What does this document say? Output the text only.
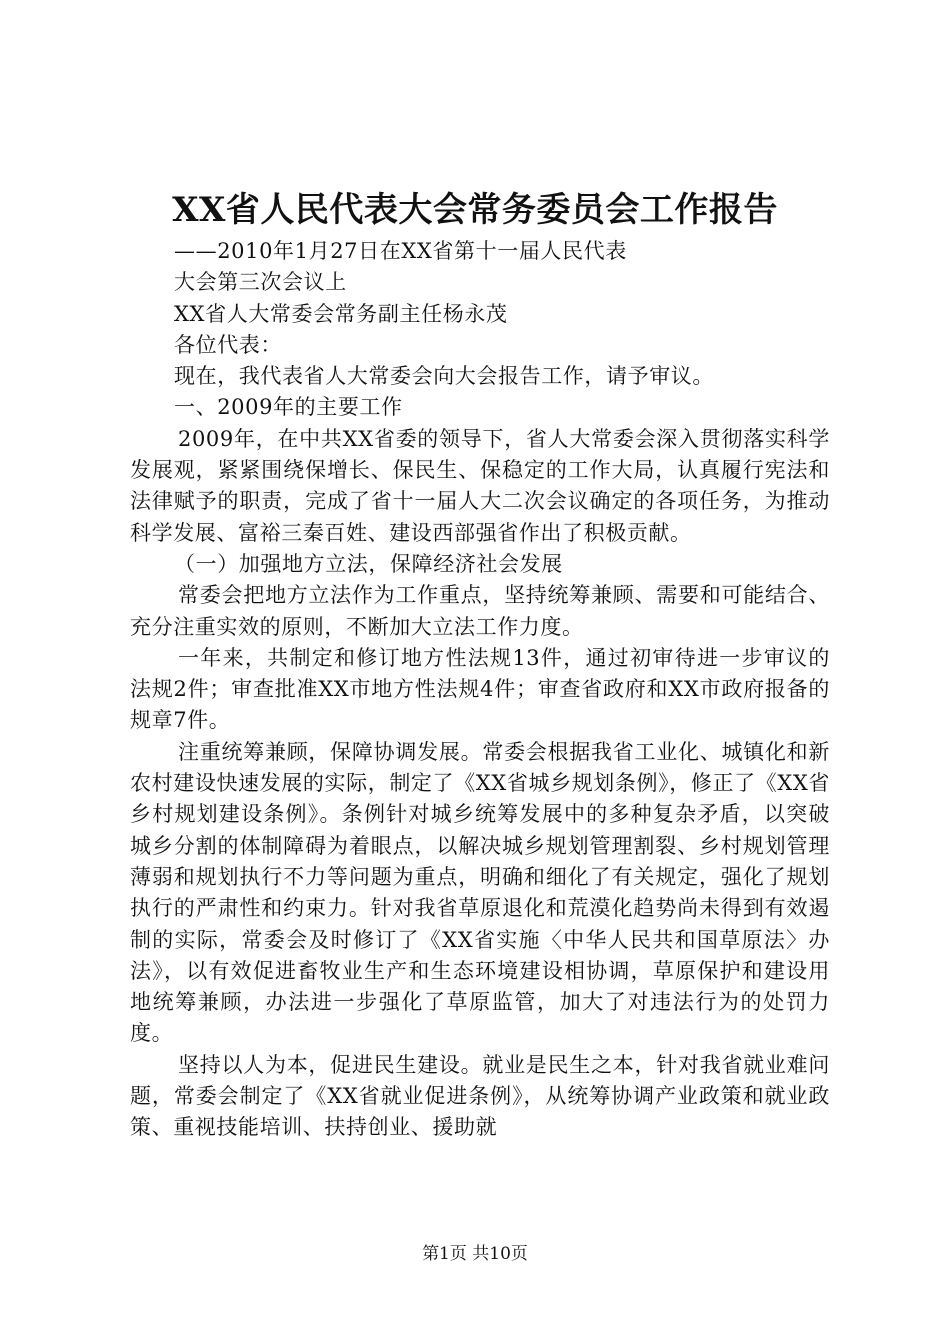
XX省人民代表大会常务委员会工作报告
——2010年1月27日在XX省第十一届人民代表
大会第三次会议上
XX省人大常委会常务副主任杨永茂
各位代表：
现在，我代表省人大常委会向大会报告工作，请予审议。
一、2009年的主要工作
2009年，在中共XX省委的领导下，省人大常委会深入贯彻落实科学发展观，紧紧围绕保增长、保民生、保稳定的工作大局，认真履行宪法和法律赋予的职责，完成了省十一届人大二次会议确定的各项任务，为推动科学发展、富裕三秦百姓、建设西部强省作出了积极贡献。
（一）加强地方立法，保障经济社会发展
常委会把地方立法作为工作重点，坚持统筹兼顾、需要和可能结合、充分注重实效的原则，不断加大立法工作力度。
一年来，共制定和修订地方性法规13件，通过初审待进一步审议的法规2件；审查批准XX市地方性法规4件；审查省政府和XX市政府报备的规章7件。
注重统筹兼顾，保障协调发展。常委会根据我省工业化、城镇化和新农村建设快速发展的实际，制定了《XX省城乡规划条例》，修正了《XX省乡村规划建设条例》。条例针对城乡统筹发展中的多种复杂矛盾，以突破城乡分割的体制障碍为着眼点，以解决城乡规划管理割裂、乡村规划管理薄弱和规划执行不力等问题为重点，明确和细化了有关规定，强化了规划执行的严肃性和约束力。针对我省草原退化和荒漠化趋势尚未得到有效遏制的实际，常委会及时修订了《XX省实施〈中华人民共和国草原法〉办法》，以有效促进畜牧业生产和生态环境建设相协调，草原保护和建设用地统筹兼顾，办法进一步强化了草原监管，加大了对违法行为的处罚力度。
坚持以人为本，促进民生建设。就业是民生之本，针对我省就业难问题，常委会制定了《XX省就业促进条例》，从统筹协调产业政策和就业政策、重视技能培训、扶持创业、援助就
第1页 共10页
